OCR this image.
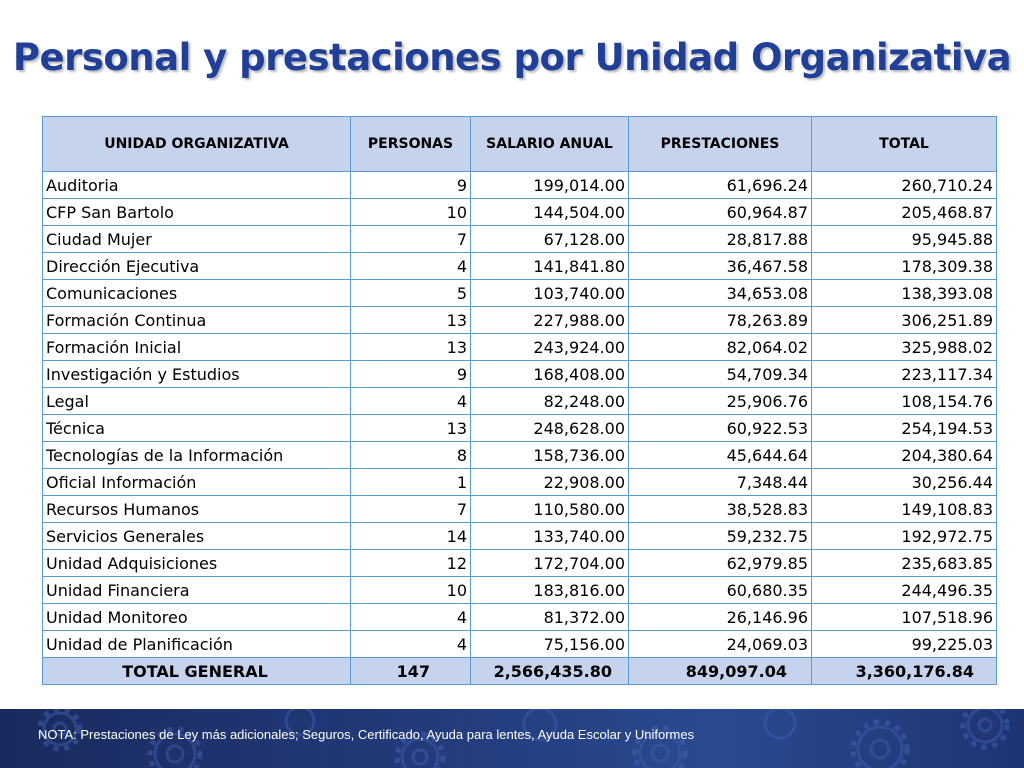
Personal y prestaciones por Unidad Organizativa
UNIDAD ORGANIZATIVA	PERSONAS	SALARIO ANUAL	PRESTACIONES	TOTAL
Auditoria	9	199,014.00	61,696.24	260,710.24
CFP San Bartolo	10	144,504.00	60,964.87	205,468.87
Ciudad Mujer	7	67,128.00	28,817.88	95,945.88
Dirección Ejecutiva	4	141,841.80	36,467.58	178,309.38
Comunicaciones	5	103,740.00	34,653.08	138,393.08
Formación Continua	13	227,988.00	78,263.89	306,251.89
Formación Inicial	13	243,924.00	82,064.02	325,988.02
Investigación y Estudios	9	168,408.00	54,709.34	223,117.34
Legal	4	82,248.00	25,906.76	108,154.76
Técnica	13	248,628.00	60,922.53	254,194.53
Tecnologías de la Información	8	158,736.00	45,644.64	204,380.64
Oficial Información	1	22,908.00	7,348.44	30,256.44
Recursos Humanos	7	110,580.00	38,528.83	149,108.83
Servicios Generales	14	133,740.00	59,232.75	192,972.75
Unidad Adquisiciones	12	172,704.00	62,979.85	235,683.85
Unidad Financiera	10	183,816.00	60,680.35	244,496.35
Unidad Monitoreo	4	81,372.00	26,146.96	107,518.96
Unidad de Planificación	4	75,156.00	24,069.03	99,225.03
TOTAL GENERAL	147	2,566,435.80	849,097.04	3,360,176.84
NOTA: Prestaciones de Ley más adicionales; Seguros, Certificado, Ayuda para lentes, Ayuda Escolar y Uniformes
